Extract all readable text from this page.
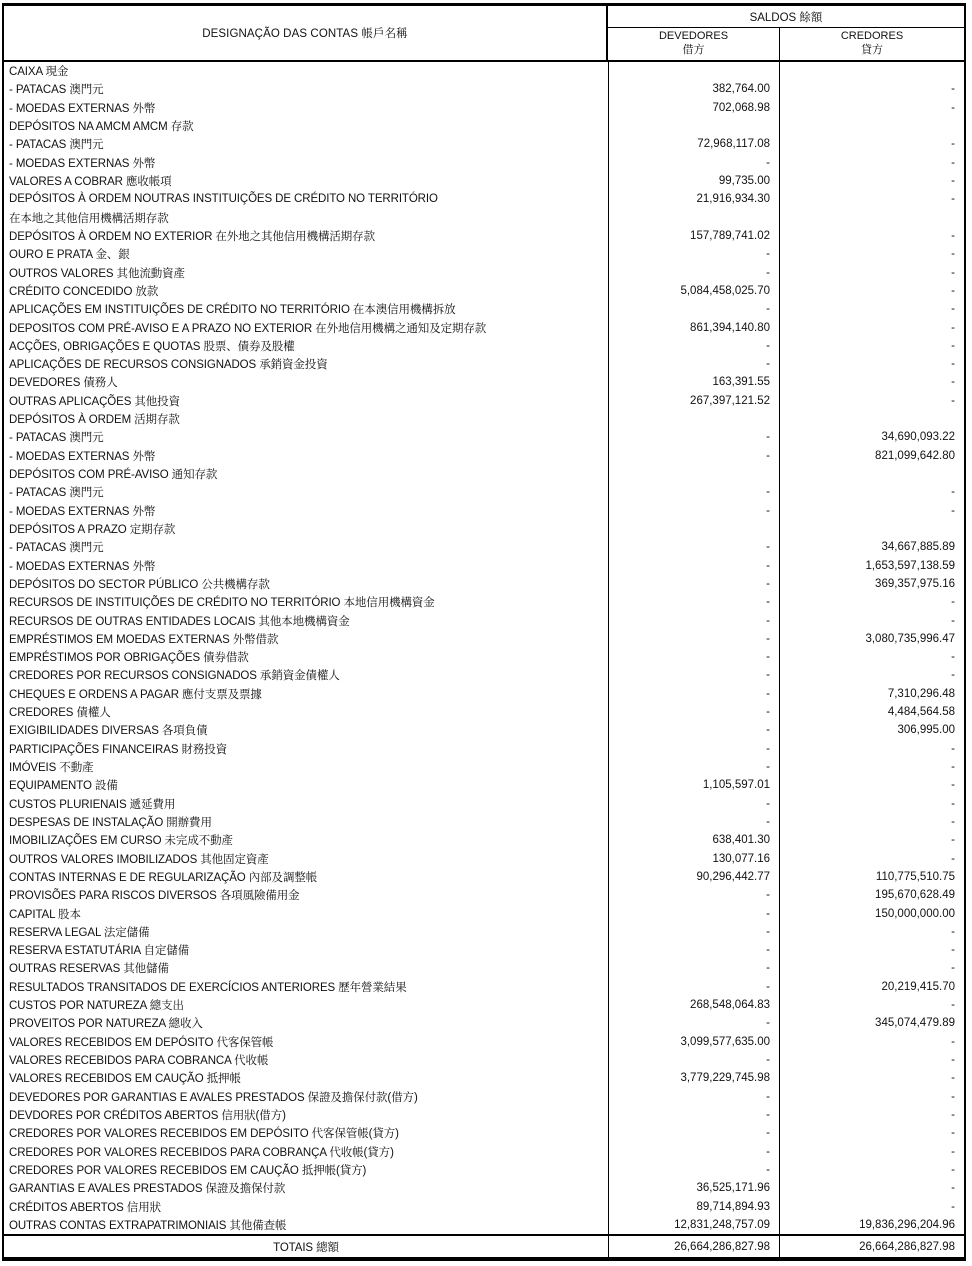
DESIGNAÇÃO DAS CONTAS 帳戶名稱
SALDOS 餘額
DEVEDORES
借方
CREDORES
貸方
CAIXA 現金
- PATACAS 澳門元	382,764.00	-
- MOEDAS EXTERNAS 外幣	702,068.98	-
DEPÓSITOS NA AMCM AMCM 存款
- PATACAS 澳門元	72,968,117.08	-
- MOEDAS EXTERNAS 外幣	-	-
VALORES A COBRAR 應收帳項	99,735.00	-
DEPÓSITOS À ORDEM NOUTRAS INSTITUIÇÕES DE CRÉDITO NO TERRITÓRIO	21,916,934.30	-
在本地之其他信用機構活期存款
DEPÓSITOS À ORDEM NO EXTERIOR 在外地之其他信用機構活期存款	157,789,741.02	-
OURO E PRATA 金、銀	-	-
OUTROS VALORES 其他流動資產	-	-
CRÉDITO CONCEDIDO 放款	5,084,458,025.70	-
APLICAÇÕES EM INSTITUIÇÕES DE CRÉDITO NO TERRITÓRIO 在本澳信用機構拆放	-	-
DEPOSITOS COM PRÉ-AVISO E A PRAZO NO EXTERIOR 在外地信用機構之通知及定期存款	861,394,140.80	-
ACÇÕES, OBRIGAÇÕES E QUOTAS 股票、債券及股權	-	-
APLICAÇÕES DE RECURSOS CONSIGNADOS 承銷資金投資	-	-
DEVEDORES 債務人	163,391.55	-
OUTRAS APLICAÇÕES 其他投資	267,397,121.52	-
DEPÓSITOS À ORDEM 活期存款
- PATACAS 澳門元	-	34,690,093.22
- MOEDAS EXTERNAS 外幣	-	821,099,642.80
DEPÓSITOS COM PRÉ-AVISO 通知存款
- PATACAS 澳門元	-	-
- MOEDAS EXTERNAS 外幣	-	-
DEPÓSITOS A PRAZO 定期存款
- PATACAS 澳門元	-	34,667,885.89
- MOEDAS EXTERNAS 外幣	-	1,653,597,138.59
DEPÓSITOS DO SECTOR PÚBLICO 公共機構存款	-	369,357,975.16
RECURSOS DE INSTITUIÇÕES DE CRÉDITO NO TERRITÓRIO 本地信用機構資金	-	-
RECURSOS DE OUTRAS ENTIDADES LOCAIS 其他本地機構資金	-	-
EMPRÉSTIMOS EM MOEDAS EXTERNAS 外幣借款	-	3,080,735,996.47
EMPRÉSTIMOS POR OBRIGAÇÕES 債券借款	-	-
CREDORES POR RECURSOS CONSIGNADOS 承銷資金債權人	-	-
CHEQUES E ORDENS A PAGAR 應付支票及票據	-	7,310,296.48
CREDORES 債權人	-	4,484,564.58
EXIGIBILIDADES DIVERSAS 各項負債	-	306,995.00
PARTICIPAÇÕES FINANCEIRAS 財務投資	-	-
IMÓVEIS 不動產	-	-
EQUIPAMENTO 設備	1,105,597.01	-
CUSTOS PLURIENAIS 遞延費用	-	-
DESPESAS DE INSTALAÇÃO 開辦費用	-	-
IMOBILIZAÇÕES EM CURSO 未完成不動產	638,401.30	-
OUTROS VALORES IMOBILIZADOS 其他固定資產	130,077.16	-
CONTAS INTERNAS E DE REGULARIZAÇÃO 內部及調整帳	90,296,442.77	110,775,510.75
PROVISÕES PARA RISCOS DIVERSOS 各項風險備用金	-	195,670,628.49
CAPITAL 股本	-	150,000,000.00
RESERVA LEGAL 法定儲備	-	-
RESERVA ESTATUTÁRIA 自定儲備	-	-
OUTRAS RESERVAS 其他儲備	-	-
RESULTADOS TRANSITADOS DE EXERCÍCIOS ANTERIORES 歷年營業結果	-	20,219,415.70
CUSTOS POR NATUREZA 總支出	268,548,064.83	-
PROVEITOS POR NATUREZA 總收入	-	345,074,479.89
VALORES RECEBIDOS EM DEPÓSITO 代客保管帳	3,099,577,635.00	-
VALORES RECEBIDOS PARA COBRANCA 代收帳	-	-
VALORES RECEBIDOS EM CAUÇÃO 抵押帳	3,779,229,745.98	-
DEVEDORES POR GARANTIAS E AVALES PRESTADOS 保證及擔保付款(借方)	-	-
DEVDORES POR CRÉDITOS ABERTOS 信用狀(借方)	-	-
CREDORES POR VALORES RECEBIDOS EM DEPÓSITO 代客保管帳(貸方)	-	-
CREDORES POR VALORES RECEBIDOS PARA COBRANÇA 代收帳(貸方)	-	-
CREDORES POR VALORES RECEBIDOS EM CAUÇÃO 抵押帳(貸方)	-	-
GARANTIAS E AVALES PRESTADOS 保證及擔保付款	36,525,171.96	-
CRÉDITOS ABERTOS 信用狀	89,714,894.93	-
OUTRAS CONTAS EXTRAPATRIMONIAIS 其他備查帳	12,831,248,757.09	19,836,296,204.96
TOTAIS 總額	26,664,286,827.98	26,664,286,827.98
